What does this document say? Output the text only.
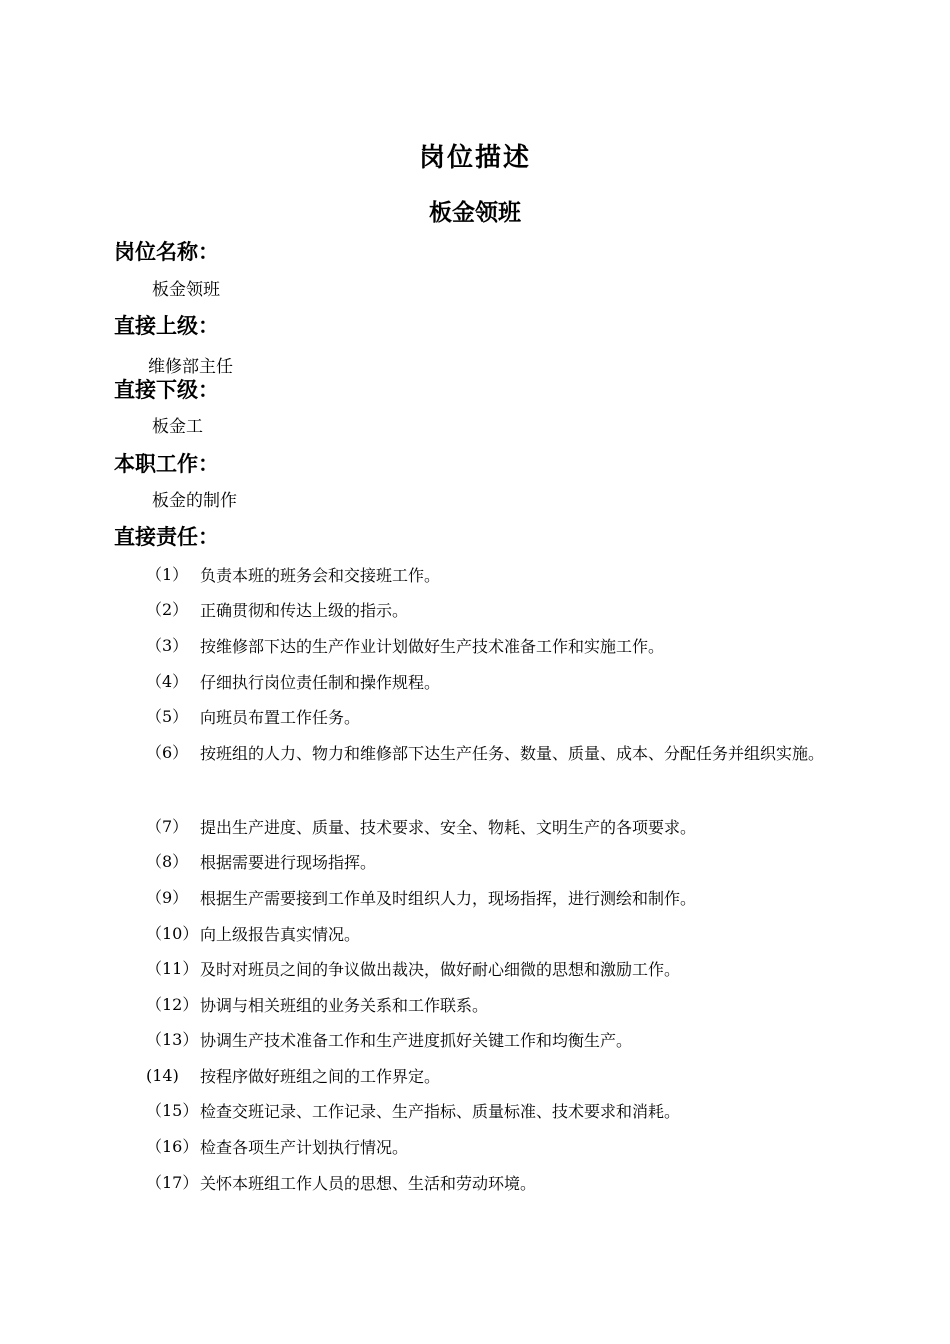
岗位描述
板金领班
岗位名称：
板金领班
直接上级：
维修部主任
直接下级：
板金工
本职工作：
板金的制作
直接责任：
（1） 负责本班的班务会和交接班工作。
（2） 正确贯彻和传达上级的指示。
（3） 按维修部下达的生产作业计划做好生产技术准备工作和实施工作。
（4） 仔细执行岗位责任制和操作规程。
（5） 向班员布置工作任务。
（6） 按班组的人力、物力和维修部下达生产任务、数量、质量、成本、分配任务并组织实施。
（7） 提出生产进度、质量、技术要求、安全、物耗、文明生产的各项要求。
（8） 根据需要进行现场指挥。
（9） 根据生产需要接到工作单及时组织人力，现场指挥，进行测绘和制作。
（10） 向上级报告真实情况。
（11） 及时对班员之间的争议做出裁决，做好耐心细微的思想和激励工作。
（12） 协调与相关班组的业务关系和工作联系。
（13） 协调生产技术准备工作和生产进度抓好关键工作和均衡生产。
(14) 按程序做好班组之间的工作界定。
（15） 检查交班记录、工作记录、生产指标、质量标准、技术要求和消耗。
（16） 检查各项生产计划执行情况。
（17） 关怀本班组工作人员的思想、生活和劳动环境。
